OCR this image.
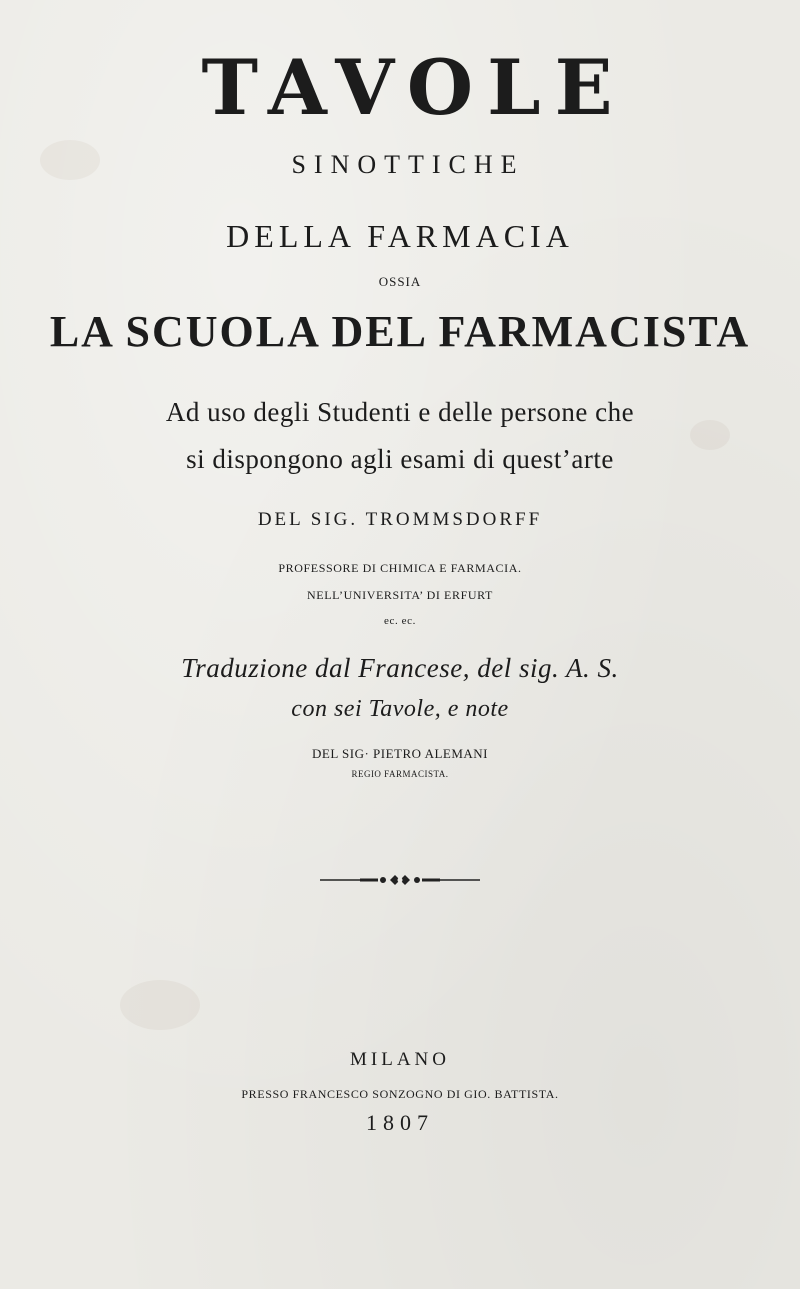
TAVOLE
SINOTTICHE
DELLA FARMACIA
OSSIA
LA SCUOLA DEL FARMACISTA
Ad uso degli Studenti e delle persone che
si dispongono agli esami di quest’arte
DEL SIG. TROMMSDORFF
PROFESSORE DI CHIMICA E FARMACIA.
NELL’UNIVERSITA’ DI ERFURT
ec. ec.
Traduzione dal Francese, del sig. A. S.
con sei Tavole, e note
DEL SIG· PIETRO ALEMANI
REGIO FARMACISTA.
MILANO
PRESSO FRANCESCO SONZOGNO DI GIO. BATTISTA.
1807
